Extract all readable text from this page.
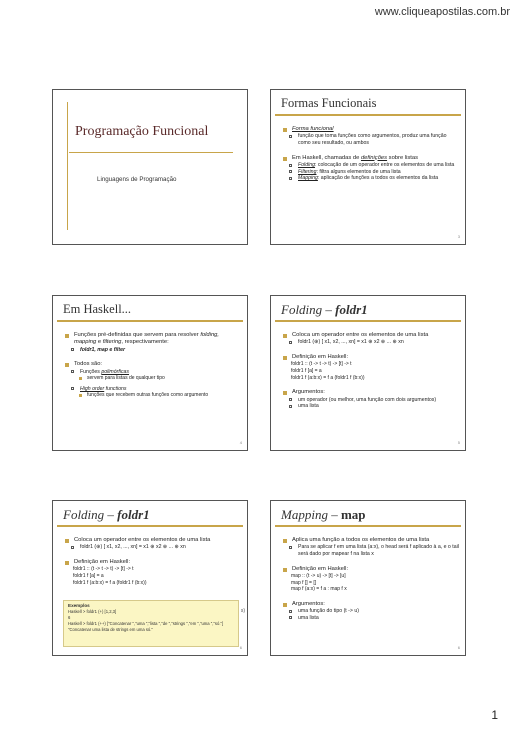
www.cliqueapostilas.com.br
Programação Funcional
Linguagens de Programação
Formas Funcionais
Forma funcional
função que toma funções como argumentos, produz uma função como seu resultado, ou ambos
Em Haskell, chamadas de definições sobre listas
Folding: colocação de um operador entre os elementos de uma lista
Filtering: filtra alguns elementos de uma lista
Mapping: aplicação de funções a todos os elementos da lista
3
Em Haskell...
Funções pré-definidas que servem para resolver folding, mapping e filtering, respectivamente:
foldr1, map e filter
Todos são:
Funções polimórficas
servem para listas de qualquer tipo
High order functions
funções que recebem outras funções como argumento
4
Folding – foldr1
Coloca um operador entre os elementos de uma lista
foldr1 (⊕) [ x1, x2, ..., xn] = x1 ⊕ x2 ⊕ ... ⊕ xn
Definição em Haskell:
foldr1 :: (t -> t -> t) -> [t] -> t
foldr1 f [a] = a
foldr1 f (a:b:x) = f a (foldr1 f (b:x))
Argumentos:
um operador (ou melhor, uma função com dois argumentos)
uma lista
5
Folding – foldr1
Coloca um operador entre os elementos de uma lista
foldr1 (⊕) [ x1, x2, ..., xn] = x1 ⊕ x2 ⊕ ... ⊕ xn
Definição em Haskell:
foldr1 :: (t -> t -> t) -> [t] -> t
foldr1 f [a] = a
foldr1 f (a:b:x) = f a (foldr1 f (b:x))
Exemplos
Haskell > foldr1 (+) [1,2,3]
6
Haskell > foldr1 (++) ["Concatenar ","uma ","lista ","de ","strings ","em ","uma ","só."]
"Concatenar uma lista de strings em uma só."
s)
6
Mapping – map
Aplica uma função a todos os elementos de uma lista
Para se aplicar f em uma lista (a:x), o head será f aplicado à a, e o tail será dado por mapear f na lista x
Definição em Haskell:
map :: (t -> u) -> [t] -> [u]
map f [] = []
map f (a:x) = f a : map f x
Argumentos:
uma função do tipo (t -> u)
uma lista
6
1
